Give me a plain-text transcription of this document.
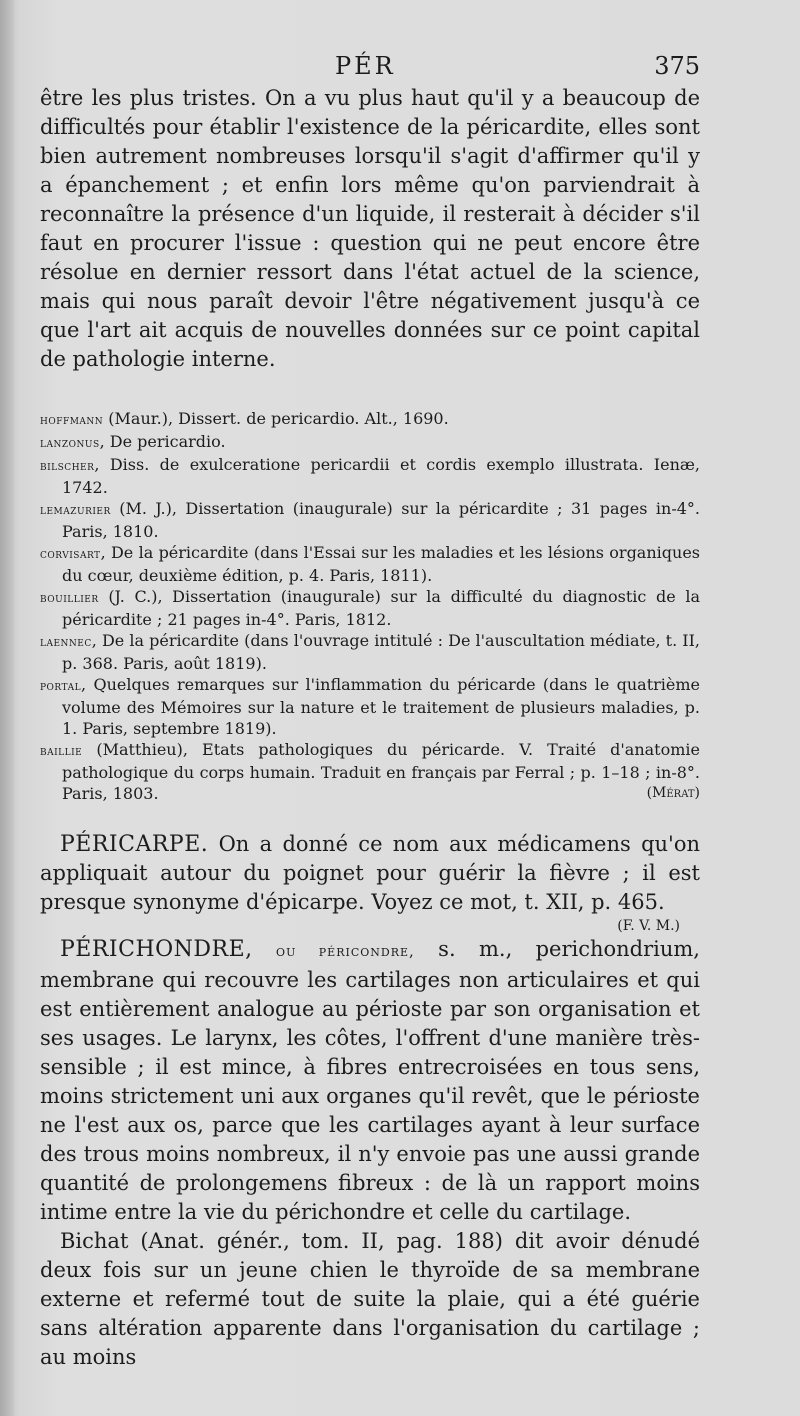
PÉR	375

être les plus tristes. On a vu plus haut qu'il y a beaucoup de difficultés pour établir l'existence de la péricardite, elles sont bien autrement nombreuses lorsqu'il s'agit d'affirmer qu'il y a épanchement ; et enfin lors même qu'on parviendrait à reconnaître la présence d'un liquide, il resterait à décider s'il faut en procurer l'issue : question qui ne peut encore être résolue en dernier ressort dans l'état actuel de la science, mais qui nous paraît devoir l'être négativement jusqu'à ce que l'art ait acquis de nouvelles données sur ce point capital de pathologie interne.

hoffmann (Maur.), Dissert. de pericardio. Alt., 1690.

lanzonus, De pericardio.

bilscher, Diss. de exulceratione pericardii et cordis exemplo illustrata. Ienæ, 1742.

lemazurier (M. J.), Dissertation (inaugurale) sur la péricardite ; 31 pages in-4°. Paris, 1810.

corvisart, De la péricardite (dans l'Essai sur les maladies et les lésions organiques du cœur, deuxième édition, p. 4. Paris, 1811).

bouillier (J. C.), Dissertation (inaugurale) sur la difficulté du diagnostic de la péricardite ; 21 pages in-4°. Paris, 1812.

laennec, De la péricardite (dans l'ouvrage intitulé : De l'auscultation médiate, t. II, p. 368. Paris, août 1819).

portal, Quelques remarques sur l'inflammation du péricarde (dans le quatrième volume des Mémoires sur la nature et le traitement de plusieurs maladies, p. 1. Paris, septembre 1819).

baillie (Matthieu), Etats pathologiques du péricarde. V. Traité d'anatomie pathologique du corps humain. Traduit en français par Ferral ; p. 1–18 ; in-8°. Paris, 1803.	(Mérat)

PÉRICARPE. On a donné ce nom aux médicamens qu'on appliquait autour du poignet pour guérir la fièvre ; il est presque synonyme d'épicarpe. Voyez ce mot, t. XII, p. 465.

(F. V. M.)

PÉRICHONDRE, ou péricondre, s. m., perichondrium, membrane qui recouvre les cartilages non articulaires et qui est entièrement analogue au périoste par son organisation et ses usages. Le larynx, les côtes, l'offrent d'une manière très-sensible ; il est mince, à fibres entrecroisées en tous sens, moins strictement uni aux organes qu'il revêt, que le périoste ne l'est aux os, parce que les cartilages ayant à leur surface des trous moins nombreux, il n'y envoie pas une aussi grande quantité de prolongemens fibreux : de là un rapport moins intime entre la vie du périchondre et celle du cartilage.

Bichat (Anat. génér., tom. II, pag. 188) dit avoir dénudé deux fois sur un jeune chien le thyroïde de sa membrane externe et refermé tout de suite la plaie, qui a été guérie sans altération apparente dans l'organisation du cartilage ; au moins
